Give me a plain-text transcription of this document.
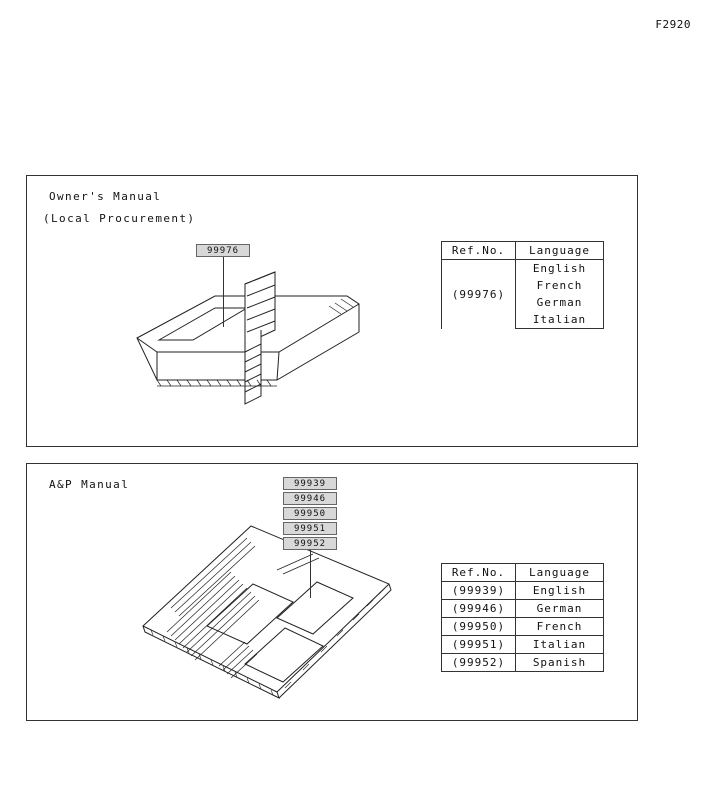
F2920
Owner's Manual
(Local Procurement)
Ref.No.	Language
(99976)	English
	French
	German
	Italian
99976
A&P Manual
Ref.No.	Language
(99939)	English
(99946)	German
(99950)	French
(99951)	Italian
(99952)	Spanish
99939
99946
99950
99951
99952
